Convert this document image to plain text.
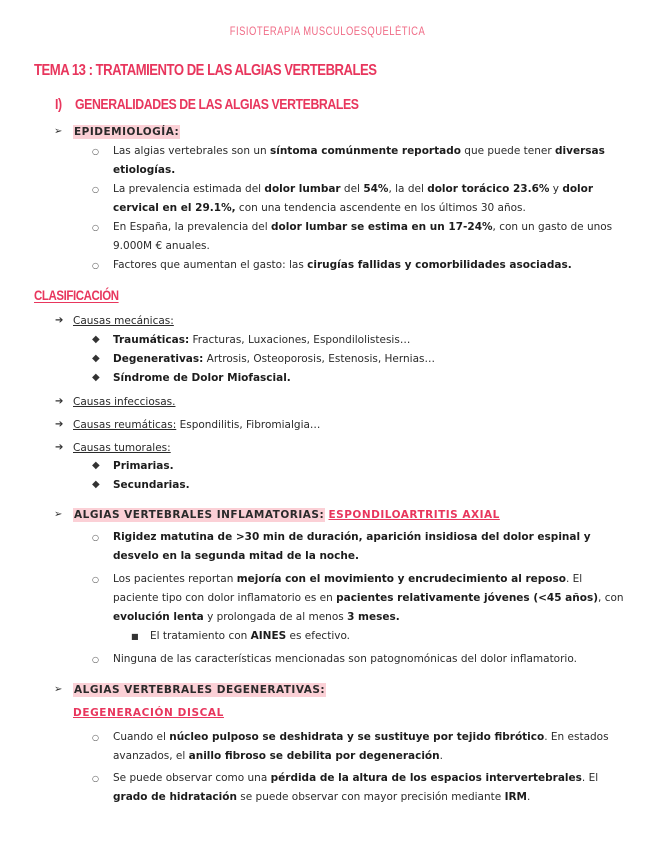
FISIOTERAPIA MUSCULOESQUELÉTICA
TEMA 13 : TRATAMIENTO DE LAS ALGIAS VERTEBRALES
I) GENERALIDADES DE LAS ALGIAS VERTEBRALES
➢ EPIDEMIOLOGÍA:
○ Las algias vertebrales son un síntoma comúnmente reportado que puede tener diversas
etiologías.
○ La prevalencia estimada del dolor lumbar del 54%, la del dolor torácico 23.6% y dolor
cervical en el 29.1%, con una tendencia ascendente en los últimos 30 años.
○ En España, la prevalencia del dolor lumbar se estima en un 17-24%, con un gasto de unos
9.000M € anuales.
○ Factores que aumentan el gasto: las cirugías fallidas y comorbilidades asociadas.
CLASIFICACIÓN
➔ Causas mecánicas:
◆ Traumáticas: Fracturas, Luxaciones, Espondilolistesis…
◆ Degenerativas: Artrosis, Osteoporosis, Estenosis, Hernias…
◆ Síndrome de Dolor Miofascial.
➔ Causas infecciosas.
➔ Causas reumáticas: Espondilitis, Fibromialgia…
➔ Causas tumorales:
◆ Primarias.
◆ Secundarias.
➢ ALGIAS VERTEBRALES INFLAMATORIAS: ESPONDILOARTRITIS AXIAL
○ Rigidez matutina de >30 min de duración, aparición insidiosa del dolor espinal y
desvelo en la segunda mitad de la noche.
○ Los pacientes reportan mejoría con el movimiento y encrudecimiento al reposo. El
paciente tipo con dolor inflamatorio es en pacientes relativamente jóvenes (<45 años), con
evolución lenta y prolongada de al menos 3 meses.
■ El tratamiento con AINES es efectivo.
○ Ninguna de las características mencionadas son patognomónicas del dolor inflamatorio.
➢ ALGIAS VERTEBRALES DEGENERATIVAS:
DEGENERACIÓN DISCAL
○ Cuando el núcleo pulposo se deshidrata y se sustituye por tejido fibrótico. En estados
avanzados, el anillo fibroso se debilita por degeneración.
○ Se puede observar como una pérdida de la altura de los espacios intervertebrales. El
grado de hidratación se puede observar con mayor precisión mediante IRM.
